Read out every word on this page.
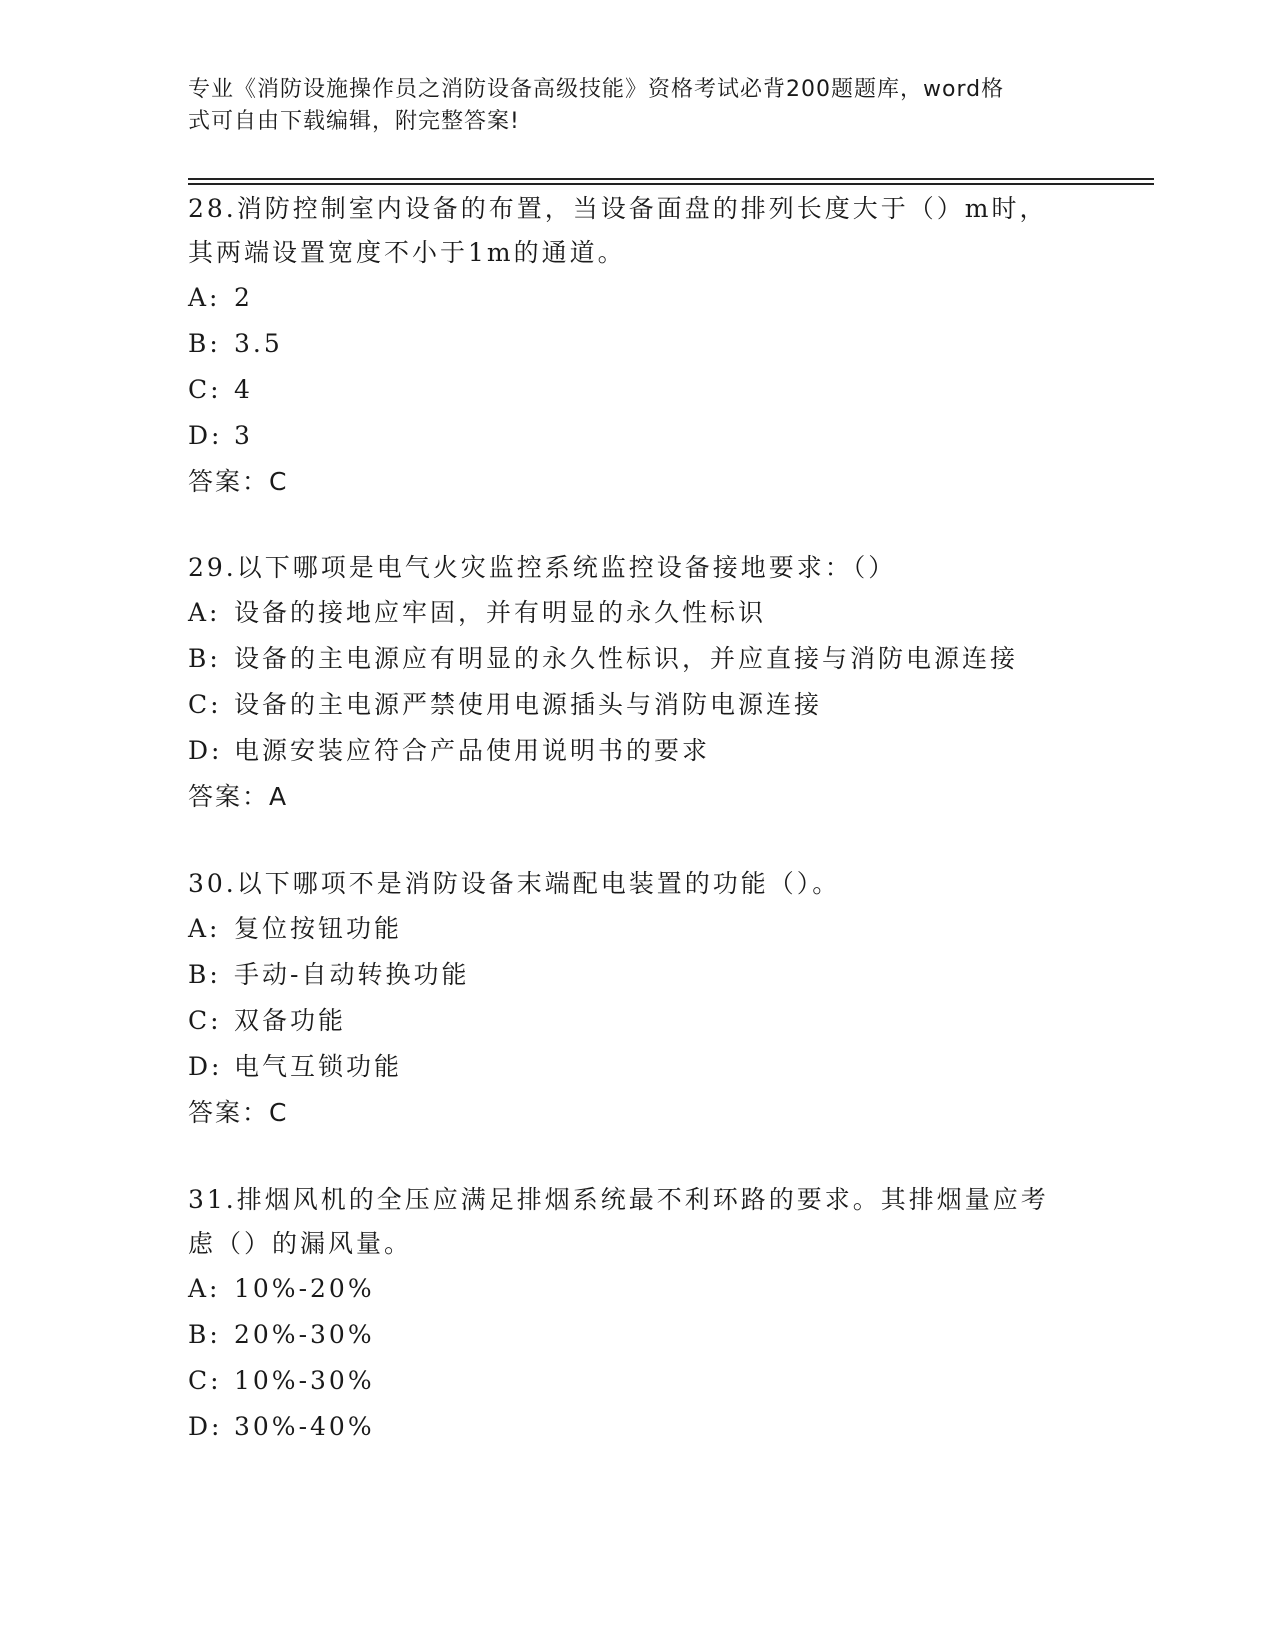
专业《消防设施操作员之消防设备高级技能》资格考试必背200题题库，word格
式可自由下载编辑，附完整答案!

28.消防控制室内设备的布置，当设备面盘的排列长度大于（）m时，

其两端设置宽度不小于1m的通道。

A: 2

B: 3.5

C: 4

D: 3

答案：C

29.以下哪项是电气火灾监控系统监控设备接地要求：（）

A: 设备的接地应牢固，并有明显的永久性标识

B: 设备的主电源应有明显的永久性标识，并应直接与消防电源连接

C: 设备的主电源严禁使用电源插头与消防电源连接

D: 电源安装应符合产品使用说明书的要求

答案：A

30.以下哪项不是消防设备末端配电装置的功能（）。

A: 复位按钮功能

B: 手动-自动转换功能

C: 双备功能

D: 电气互锁功能

答案：C

31.排烟风机的全压应满足排烟系统最不利环路的要求。其排烟量应考

虑（）的漏风量。

A: 10%-20%

B: 20%-30%

C: 10%-30%

D: 30%-40%
